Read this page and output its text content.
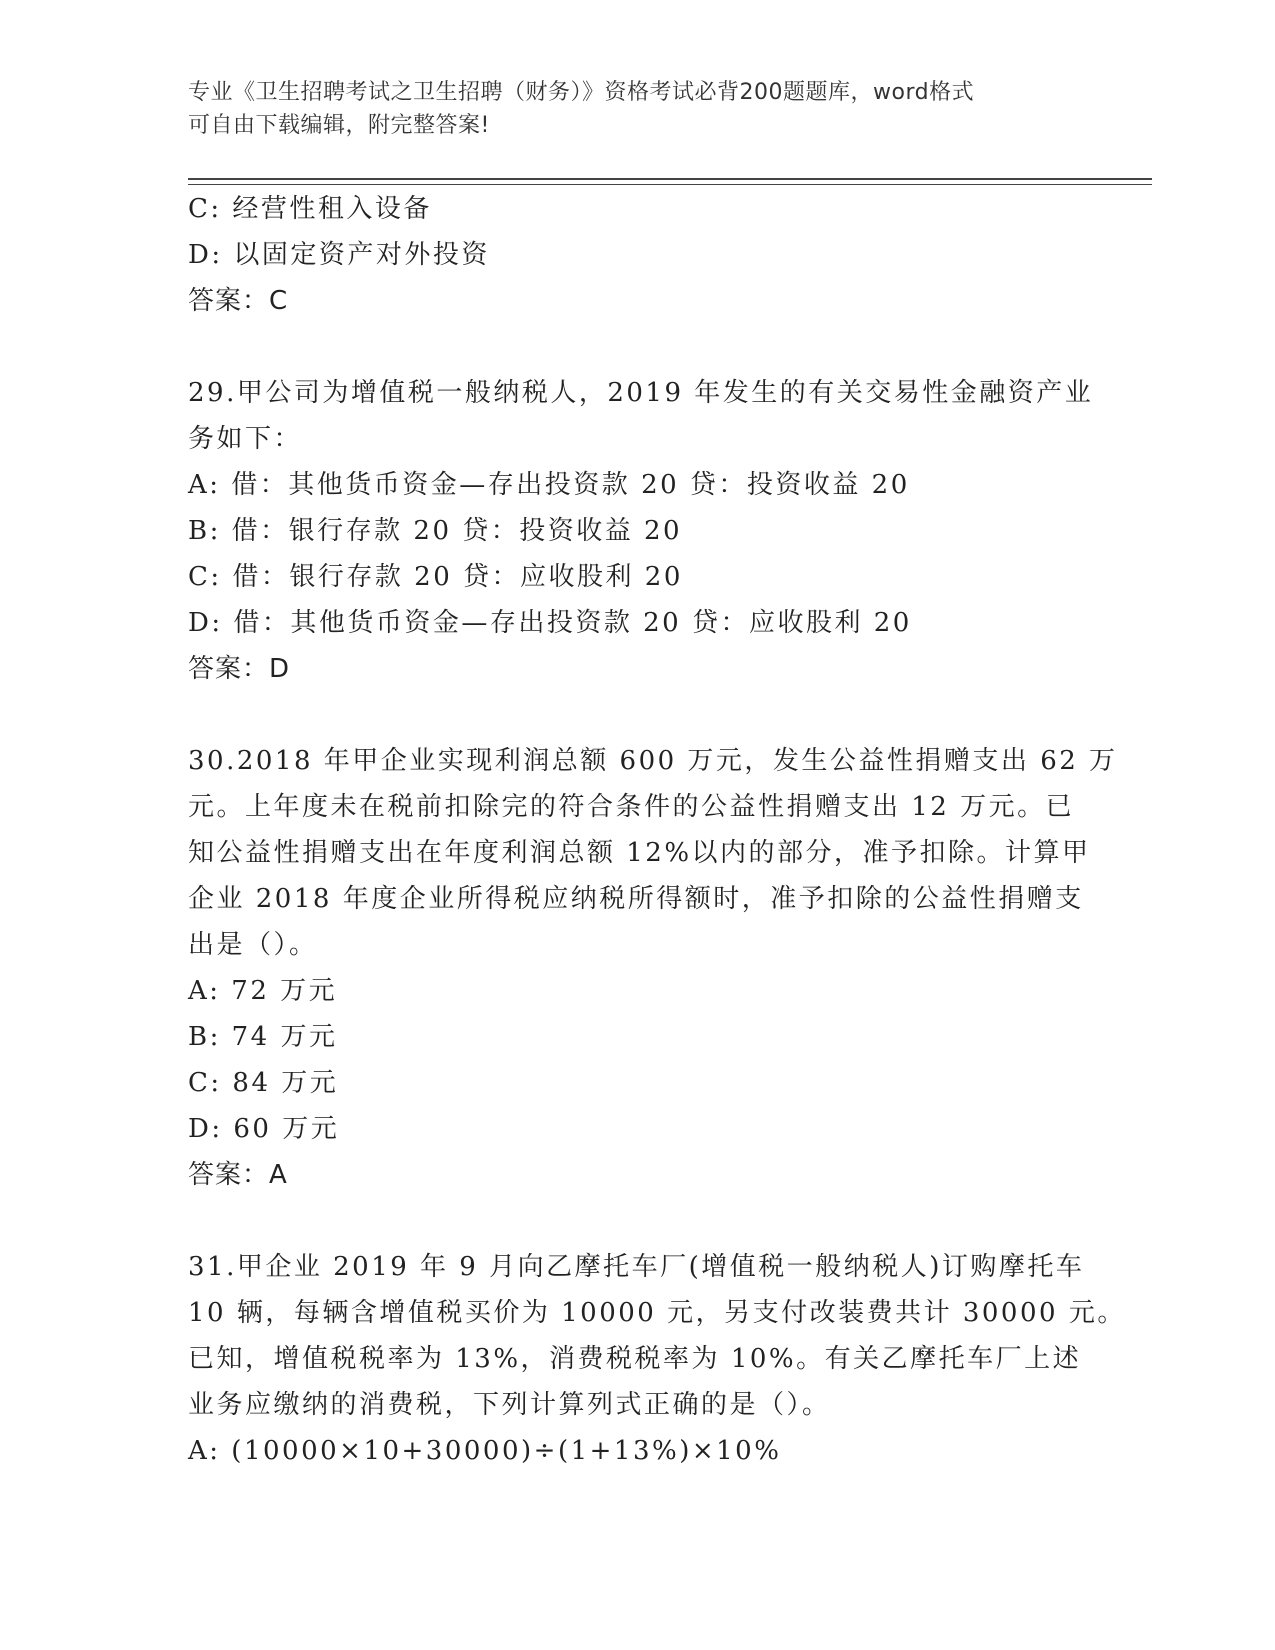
专业《卫生招聘考试之卫生招聘（财务）》资格考试必背200题题库，word格式
可自由下载编辑，附完整答案!
C: 经营性租入设备
D: 以固定资产对外投资
答案：C
29.甲公司为增值税一般纳税人，2019 年发生的有关交易性金融资产业
务如下：
A: 借：其他货币资金—存出投资款 20 贷：投资收益 20
B: 借：银行存款 20 贷：投资收益 20
C: 借：银行存款 20 贷：应收股利 20
D: 借：其他货币资金—存出投资款 20 贷：应收股利 20
答案：D
30.2018 年甲企业实现利润总额 600 万元，发生公益性捐赠支出 62 万
元。上年度未在税前扣除完的符合条件的公益性捐赠支出 12 万元。已
知公益性捐赠支出在年度利润总额 12%以内的部分，准予扣除。计算甲
企业 2018 年度企业所得税应纳税所得额时，准予扣除的公益性捐赠支
出是（）。
A: 72 万元
B: 74 万元
C: 84 万元
D: 60 万元
答案：A
31.甲企业 2019 年 9 月向乙摩托车厂(增值税一般纳税人)订购摩托车
10 辆，每辆含增值税买价为 10000 元，另支付改装费共计 30000 元。
已知，增值税税率为 13%，消费税税率为 10%。有关乙摩托车厂上述
业务应缴纳的消费税，下列计算列式正确的是（）。
A: (10000×10+30000)÷(1+13%)×10%
